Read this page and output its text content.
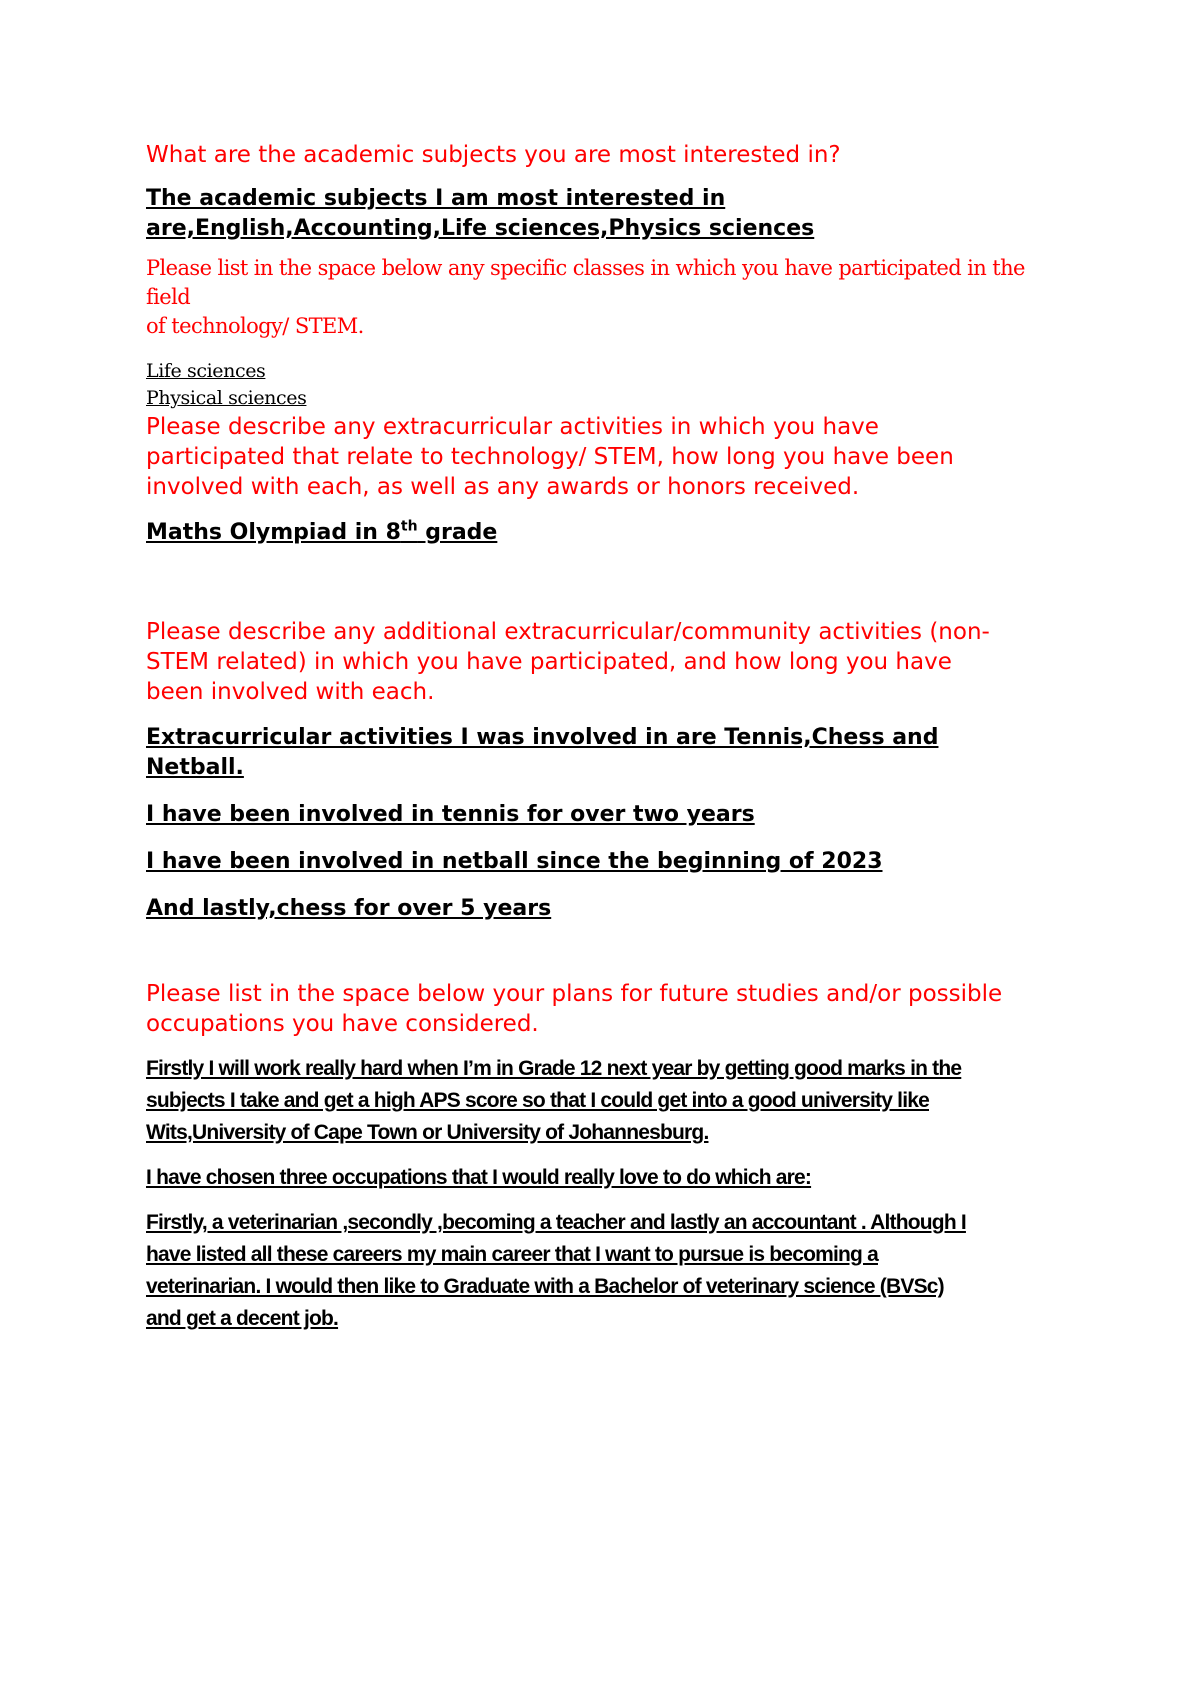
What are the academic subjects you are most interested in?

The academic subjects I am most interested in

are,English,Accounting,Life sciences,Physics sciences

Please list in the space below any specific classes in which you have participated in the field

of technology/ STEM.

Life sciences

Physical sciences

Please describe any extracurricular activities in which you have

participated that relate to technology/ STEM, how long you have been

involved with each, as well as any awards or honors received.

Maths Olympiad in 8th grade

Please describe any additional extracurricular/community activities (non-

STEM related) in which you have participated, and how long you have

been involved with each.

Extracurricular activities I was involved in are Tennis,Chess and

Netball.

I have been involved in tennis for over two years

I have been involved in netball since the beginning of 2023

And lastly,chess for over 5 years

Please list in the space below your plans for future studies and/or possible

occupations you have considered.

Firstly I will work really hard when I’m in Grade 12 next year by getting good marks in the

subjects I take and get a high APS score so that I could get into a good university like

Wits,University of Cape Town or University of Johannesburg.

I have chosen three occupations that I would really love to do which are:

Firstly, a veterinarian ,secondly ,becoming a teacher and lastly an accountant . Although I

have listed all these careers my main career that I want to pursue is becoming a

veterinarian. I would then like to Graduate with a Bachelor of veterinary science (BVSc)

and get a decent job.
